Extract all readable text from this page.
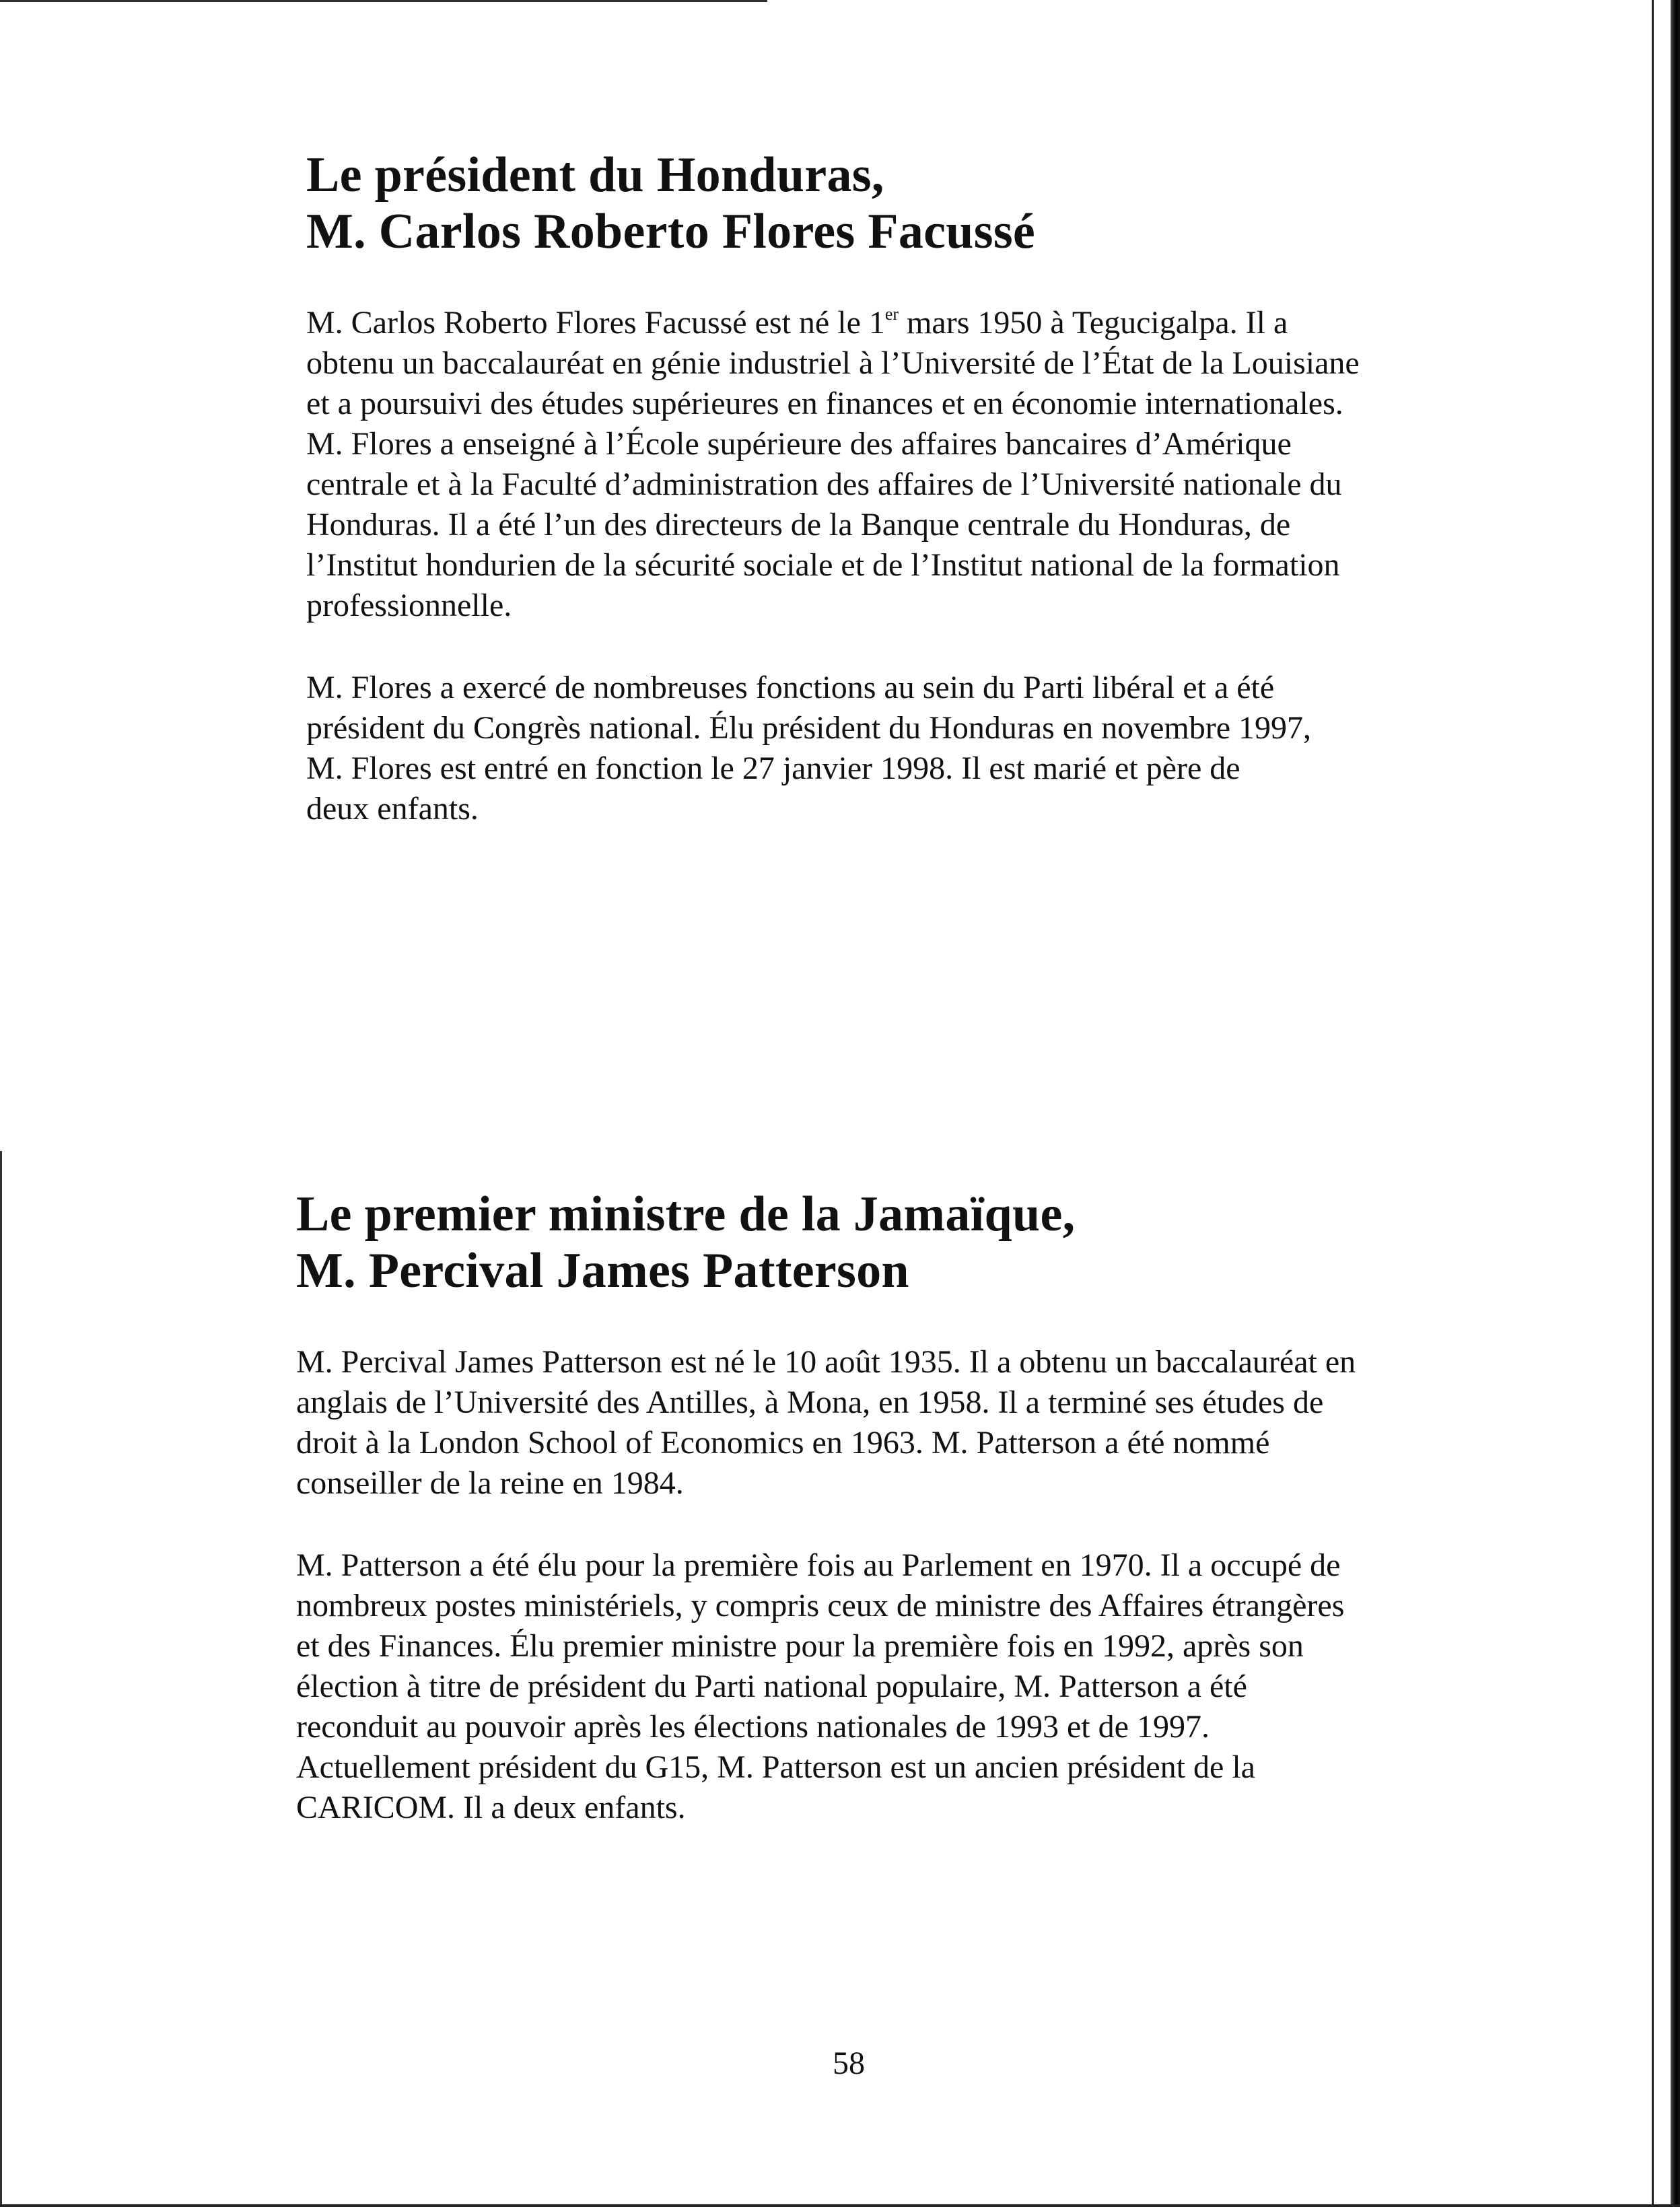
Le président du Honduras,
M. Carlos Roberto Flores Facussé

M. Carlos Roberto Flores Facussé est né le 1er mars 1950 à Tegucigalpa. Il a
obtenu un baccalauréat en génie industriel à l’Université de l’État de la Louisiane
et a poursuivi des études supérieures en finances et en économie internationales.
M. Flores a enseigné à l’École supérieure des affaires bancaires d’Amérique
centrale et à la Faculté d’administration des affaires de l’Université nationale du
Honduras. Il a été l’un des directeurs de la Banque centrale du Honduras, de
l’Institut hondurien de la sécurité sociale et de l’Institut national de la formation
professionnelle.

M. Flores a exercé de nombreuses fonctions au sein du Parti libéral et a été
président du Congrès national. Élu président du Honduras en novembre 1997,
M. Flores est entré en fonction le 27 janvier 1998. Il est marié et père de
deux enfants.

Le premier ministre de la Jamaïque,
M. Percival James Patterson

M. Percival James Patterson est né le 10 août 1935. Il a obtenu un baccalauréat en
anglais de l’Université des Antilles, à Mona, en 1958. Il a terminé ses études de
droit à la London School of Economics en 1963. M. Patterson a été nommé
conseiller de la reine en 1984.

M. Patterson a été élu pour la première fois au Parlement en 1970. Il a occupé de
nombreux postes ministériels, y compris ceux de ministre des Affaires étrangères
et des Finances. Élu premier ministre pour la première fois en 1992, après son
élection à titre de président du Parti national populaire, M. Patterson a été
reconduit au pouvoir après les élections nationales de 1993 et de 1997.
Actuellement président du G15, M. Patterson est un ancien président de la
CARICOM. Il a deux enfants.

58
